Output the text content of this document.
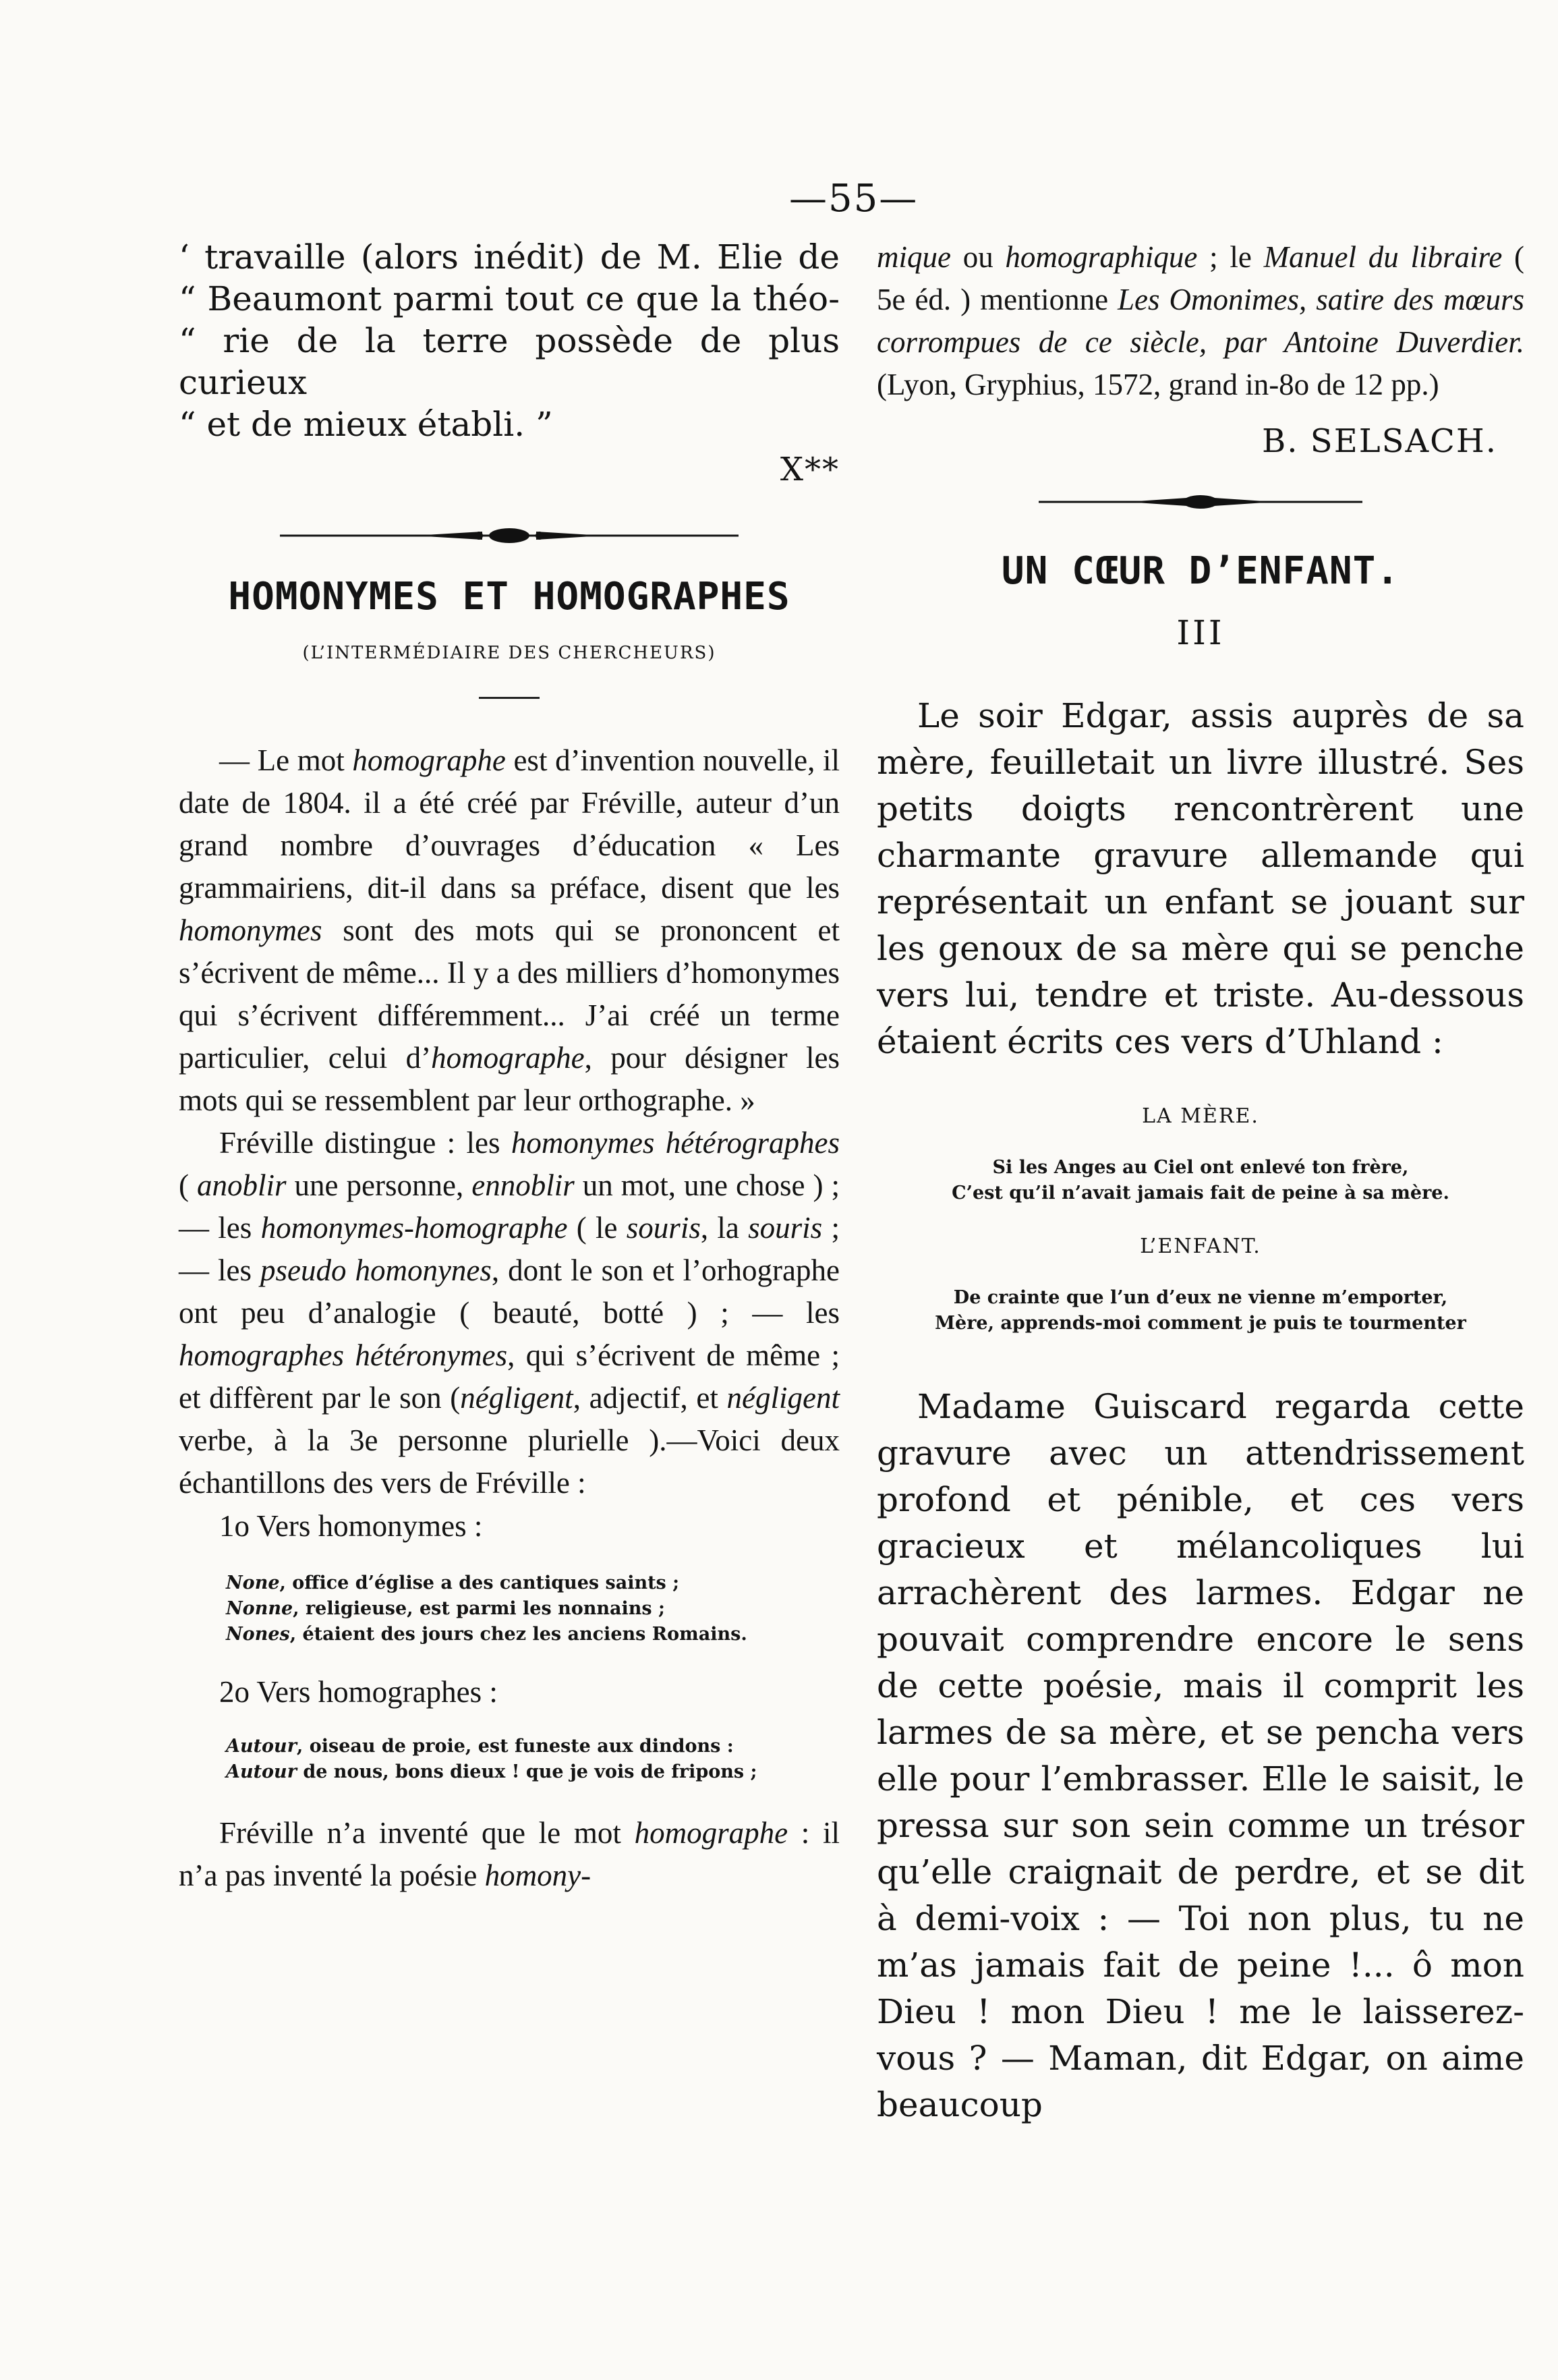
—55—

‘ travaille (alors inédit) de M. Elie de

“ Beaumont parmi tout ce que la théo-

“ rie de la terre possède de plus curieux

“ et de mieux établi. ”

X**
HOMONYMES ET HOMOGRAPHES
(L’INTERMÉDIAIRE DES CHERCHEURS)

— Le mot homographe est d’invention nouvelle, il date de 1804. il a été créé par Fréville, auteur d’un grand nombre d’ouvrages d’éducation « Les grammairiens, dit-il dans sa préface, disent que les homonymes sont des mots qui se prononcent et s’écrivent de même... Il y a des milliers d’homonymes qui s’écrivent différemment... J’ai créé un terme particulier, celui d’homographe, pour désigner les mots qui se ressemblent par leur orthographe. »

Fréville distingue : les homonymes hétérographes ( anoblir une personne, ennoblir un mot, une chose ) ; — les homonymes-homographe ( le souris, la souris ; — les pseudo homonynes, dont le son et l’orhographe ont peu d’analogie ( beauté, botté ) ; — les homographes hétéronymes, qui s’écrivent de même ; et diffèrent par le son (négligent, adjectif, et négligent verbe, à la 3e personne plurielle ).—Voici deux échantillons des vers de Fréville :

1o Vers homonymes :

None, office d’église a des cantiques saints ;

Nonne, religieuse, est parmi les nonnains ;

Nones, étaient des jours chez les anciens Romains.

2o Vers homographes :

Autour, oiseau de proie, est funeste aux dindons :

Autour de nous, bons dieux ! que je vois de fripons ;

Fréville n’a inventé que le mot homographe : il n’a pas inventé la poésie homony-

mique ou homographique ; le Manuel du libraire ( 5e éd. ) mentionne Les Omonimes, satire des mœurs corrompues de ce siècle, par Antoine Duverdier. (Lyon, Gryphius, 1572, grand in-8o de 12 pp.)

B. SELSACH.
UN CŒUR D’ENFANT.
III

Le soir Edgar, assis auprès de sa mère, feuilletait un livre illustré. Ses petits doigts rencontrèrent une charmante gravure allemande qui représentait un enfant se jouant sur les genoux de sa mère qui se penche vers lui, tendre et triste. Au-dessous étaient écrits ces vers d’Uhland :

LA MÈRE.

Si les Anges au Ciel ont enlevé ton frère,

C’est qu’il n’avait jamais fait de peine à sa mère.

L’ENFANT.

De crainte que l’un d’eux ne vienne m’emporter,

Mère, apprends-moi comment je puis te tourmenter

Madame Guiscard regarda cette gravure avec un attendrissement profond et pénible, et ces vers gracieux et mélancoliques lui arrachèrent des larmes. Edgar ne pouvait comprendre encore le sens de cette poésie, mais il comprit les larmes de sa mère, et se pencha vers elle pour l’embrasser. Elle le saisit, le pressa sur son sein comme un trésor qu’elle craignait de perdre, et se dit à demi-voix : — Toi non plus, tu ne m’as jamais fait de peine !... ô mon Dieu ! mon Dieu ! me le laisserez-vous ? — Maman, dit Edgar, on aime beaucoup
